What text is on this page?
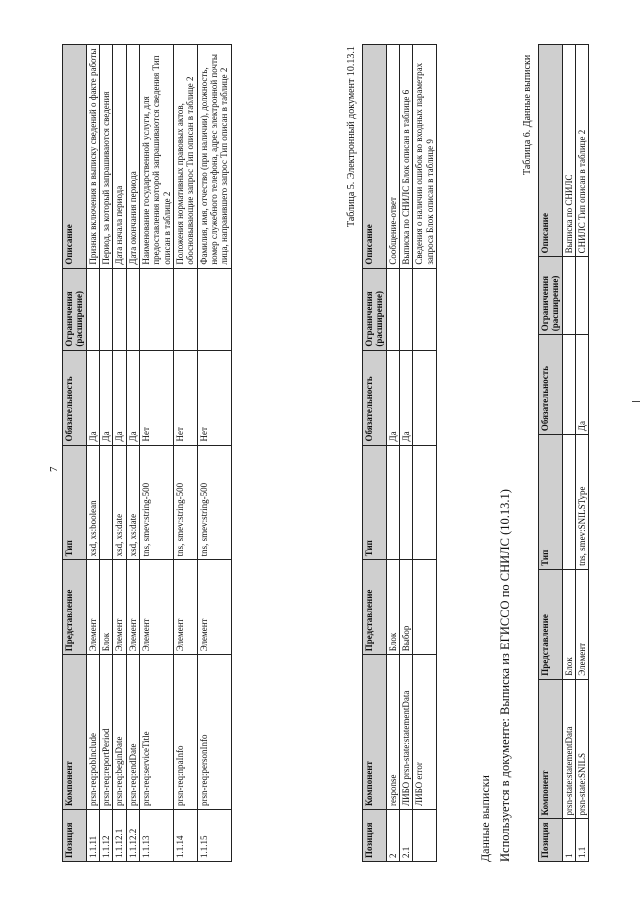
7
Позиция	Компонент	Представление	Тип	Обязательность	Ограничения (расширение)	Описание
1.1.11	prsn-req:pobInclude	Элемент	xsd, xs:boolean	Да		Признак включения в выписку сведений о факте работы
1.1.12	prsn-req:reportPeriod	Блок		Да		Период, за который запрашиваются сведения
1.1.12.1	prsn-req:beginDate	Элемент	xsd, xs:date	Да		Дата начала периода
1.1.12.2	prsn-req:endDate	Элемент	xsd, xs:date	Да		Дата окончания периода
1.1.13	prsn-req:serviceTitle	Элемент	tns, smev:string-500	Нет		Наименование государственной услуги, для предоставления которой запрашиваются сведения Тип описан в таблице 2
1.1.14	prsn-req:npaInfo	Элемент	tns, smev:string-500	Нет		Положения нормативных правовых актов, обосновывающие запрос Тип описан в таблице 2
1.1.15	prsn-req:personInfo	Элемент	tns, smev:string-500	Нет		Фамилия, имя, отчество (при наличии), должность, номер служебного телефона, адрес электронной почты лица, направившего запрос Тип описан в таблице 2	Таблица 5. Электронный документ 10.13.1
Позиция	Компонент	Представление	Тип	Обязательность	Ограничения (расширение)	Описание
2	response	Блок		Да		Сообщение-ответ
2.1	ЛИБО prsn-state:statementData	Выбор		Да		Выписка по СНИЛС Блок описан в таблице 6
	ЛИБО error					Сведения о наличии ошибок во входных параметрах запроса Блок описан в таблице 9
Данные выписки Используется в документе: Выписка из ЕГИССО по СНИЛС (10.13.1)
Таблица 6. Данные выписки
Позиция	Компонент	Представление	Тип	Обязательность	Ограничения (расширение)	Описание
1	prsn-state:statementData	Блок				Выписка по СНИЛС
1.1	prsn-state:SNILS	Элемент	tns, smev:SNILSType	Да		СНИЛС Тип описан в таблице 2
